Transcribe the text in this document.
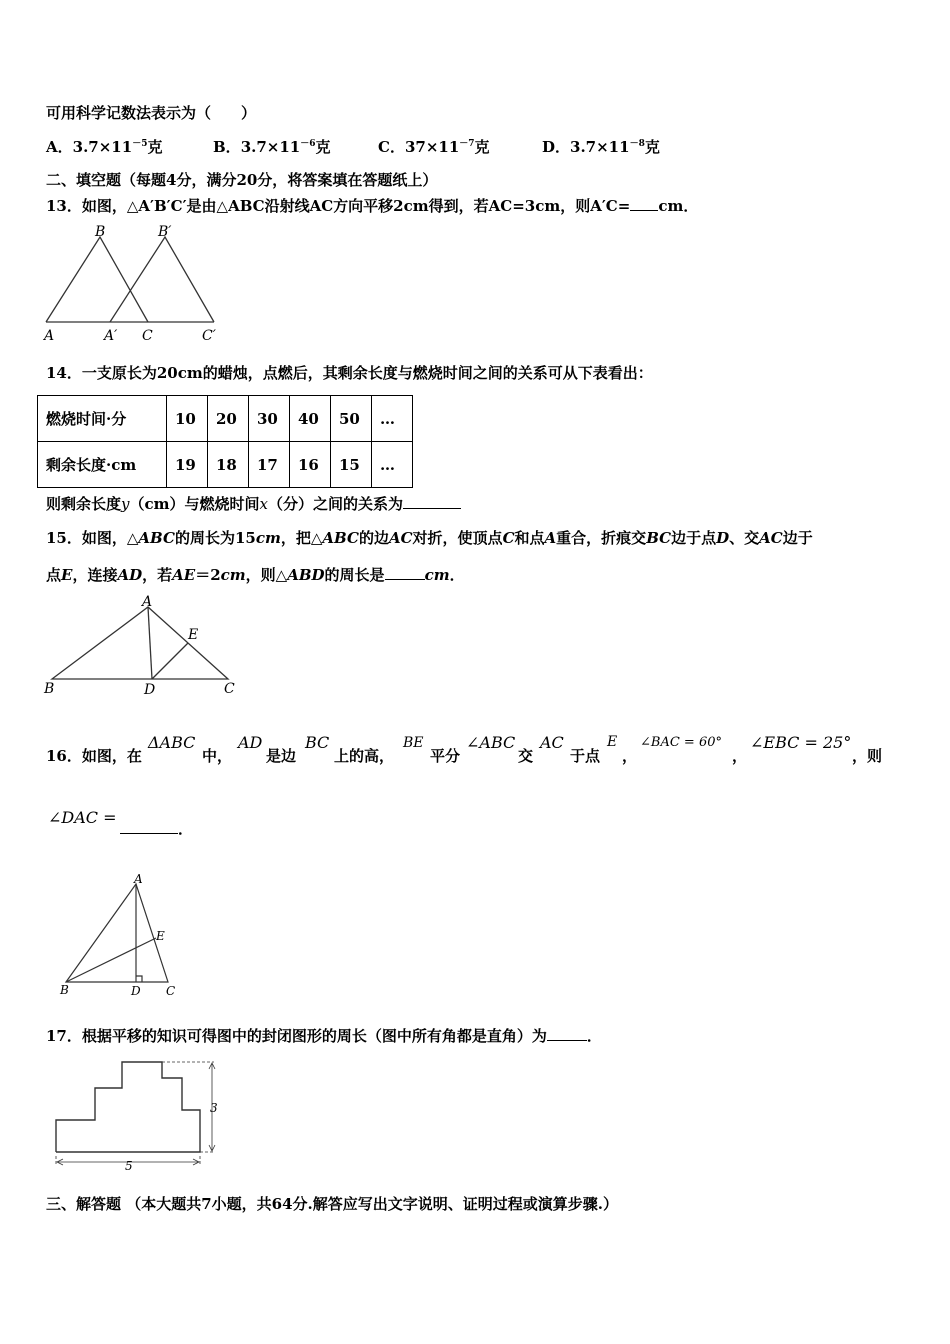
可用科学记数法表示为（　　）
A．$3.7\times 11^{-5}$克	B．$3.7\times 11^{-6}$克	C．$37\times 11^{-7}$克	D．$3.7\times 11^{-8}$克
二、填空题（每题4分，满分20分，将答案填在答题纸上）
13．如图，△A′B′C′是由△ABC沿射线AC方向平移2cm得到，若AC=3cm，则A′C= cm．
B	B′
A	A′ C	C′
14．一支原长为20cm的蜡烛，点燃后，其剩余长度与燃烧时间之间的关系可从下表看出：
燃烧时间·分	10	20	30	40	50	…
剩余长度·cm	19	18	17	16	15	…
则剩余长度y（cm）与燃烧时间x（分）之间的关系为
15．如图，△ABC的周长为15cm，把△ABC的边AC对折，使顶点C和点A重合，折痕交BC边于点D、交AC边于
点E，连接AD，若AE＝2cm，则△ABD的周长是	cm．
A
E
B	D	C
16．如图，在
ΔABC
中，
AD
是边
BC
上的高，
BE
平分
∠ABC
交
AC
于点
E
，
∠BAC = 60°
，
∠EBC = 25°
，则
∠DAC =
．
A
E
B	D C
17．根据平移的知识可得图中的封闭图形的周长（图中所有角都是直角）为	．
3
5
三、解答题 （本大题共7小题，共64分.解答应写出文字说明、证明过程或演算步骤.）
